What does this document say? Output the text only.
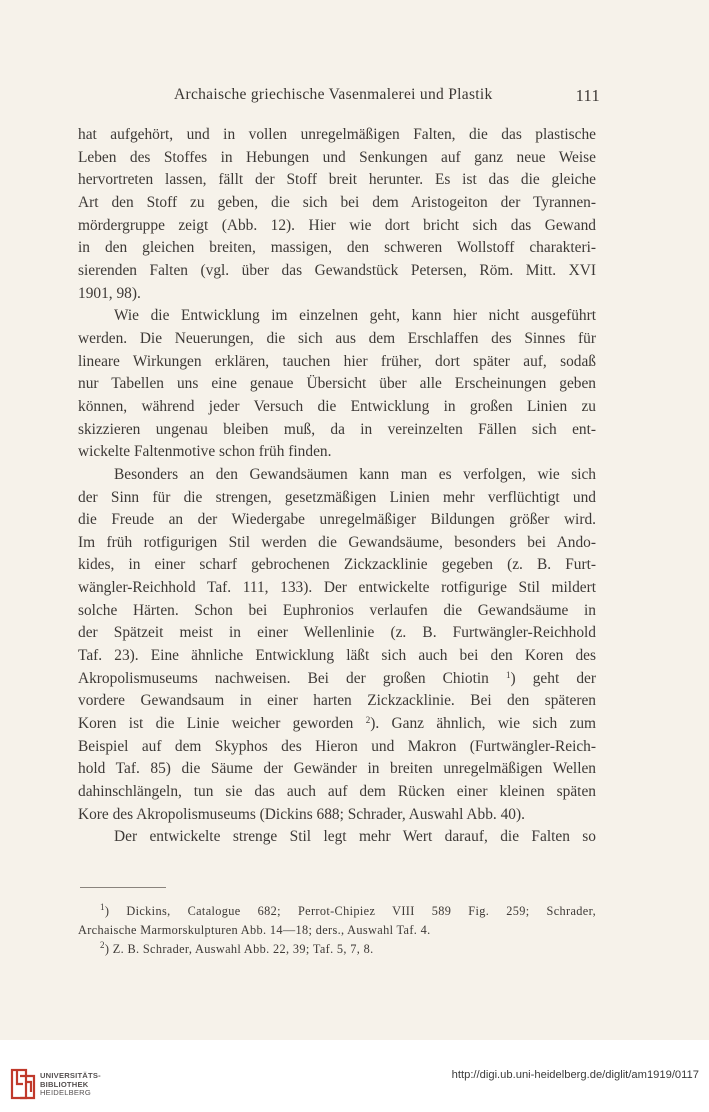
Archaische griechische Vasenmalerei und Plastik	111

hat aufgehört, und in vollen unregelmäßigen Falten, die das plastische
Leben des Stoffes in Hebungen und Senkungen auf ganz neue Weise
hervortreten lassen, fällt der Stoff breit herunter. Es ist das die gleiche
Art den Stoff zu geben, die sich bei dem Aristogeiton der Tyrannen-
mördergruppe zeigt (Abb. 12). Hier wie dort bricht sich das Gewand
in den gleichen breiten, massigen, den schweren Wollstoff charakteri-
sierenden Falten (vgl. über das Gewandstück Petersen, Röm. Mitt. XVI
1901, 98).

Wie die Entwicklung im einzelnen geht, kann hier nicht ausgeführt
werden. Die Neuerungen, die sich aus dem Erschlaffen des Sinnes für
lineare Wirkungen erklären, tauchen hier früher, dort später auf, sodaß
nur Tabellen uns eine genaue Übersicht über alle Erscheinungen geben
können, während jeder Versuch die Entwicklung in großen Linien zu
skizzieren ungenau bleiben muß, da in vereinzelten Fällen sich ent-
wickelte Faltenmotive schon früh finden.

Besonders an den Gewandsäumen kann man es verfolgen, wie sich
der Sinn für die strengen, gesetzmäßigen Linien mehr verflüchtigt und
die Freude an der Wiedergabe unregelmäßiger Bildungen größer wird.
Im früh rotfigurigen Stil werden die Gewandsäume, besonders bei Ando-
kides, in einer scharf gebrochenen Zickzacklinie gegeben (z. B. Furt-
wängler-Reichhold Taf. 111, 133). Der entwickelte rotfigurige Stil mildert
solche Härten. Schon bei Euphronios verlaufen die Gewandsäume in
der Spätzeit meist in einer Wellenlinie (z. B. Furtwängler-Reichhold
Taf. 23). Eine ähnliche Entwicklung läßt sich auch bei den Koren des
Akropolismuseums nachweisen. Bei der großen Chiotin $^1$) geht der
vordere Gewandsaum in einer harten Zickzacklinie. Bei den späteren
Koren ist die Linie weicher geworden $^2$). Ganz ähnlich, wie sich zum
Beispiel auf dem Skyphos des Hieron und Makron (Furtwängler-Reich-
hold Taf. 85) die Säume der Gewänder in breiten unregelmäßigen Wellen
dahinschlängeln, tun sie das auch auf dem Rücken einer kleinen späten
Kore des Akropolismuseums (Dickins 688; Schrader, Auswahl Abb. 40).

Der entwickelte strenge Stil legt mehr Wert darauf, die Falten so

$^1$) Dickins, Catalogue 682; Perrot-Chipiez VIII 589 Fig. 259; Schrader,
Archaische Marmorskulpturen Abb. 14—18; ders., Auswahl Taf. 4.
$^2$) Z. B. Schrader, Auswahl Abb. 22, 39; Taf. 5, 7, 8.
UNIVERSITÄTS-
BIBLIOTHEK
HEIDELBERG
http://digi.ub.uni-heidelberg.de/diglit/am1919/0117
